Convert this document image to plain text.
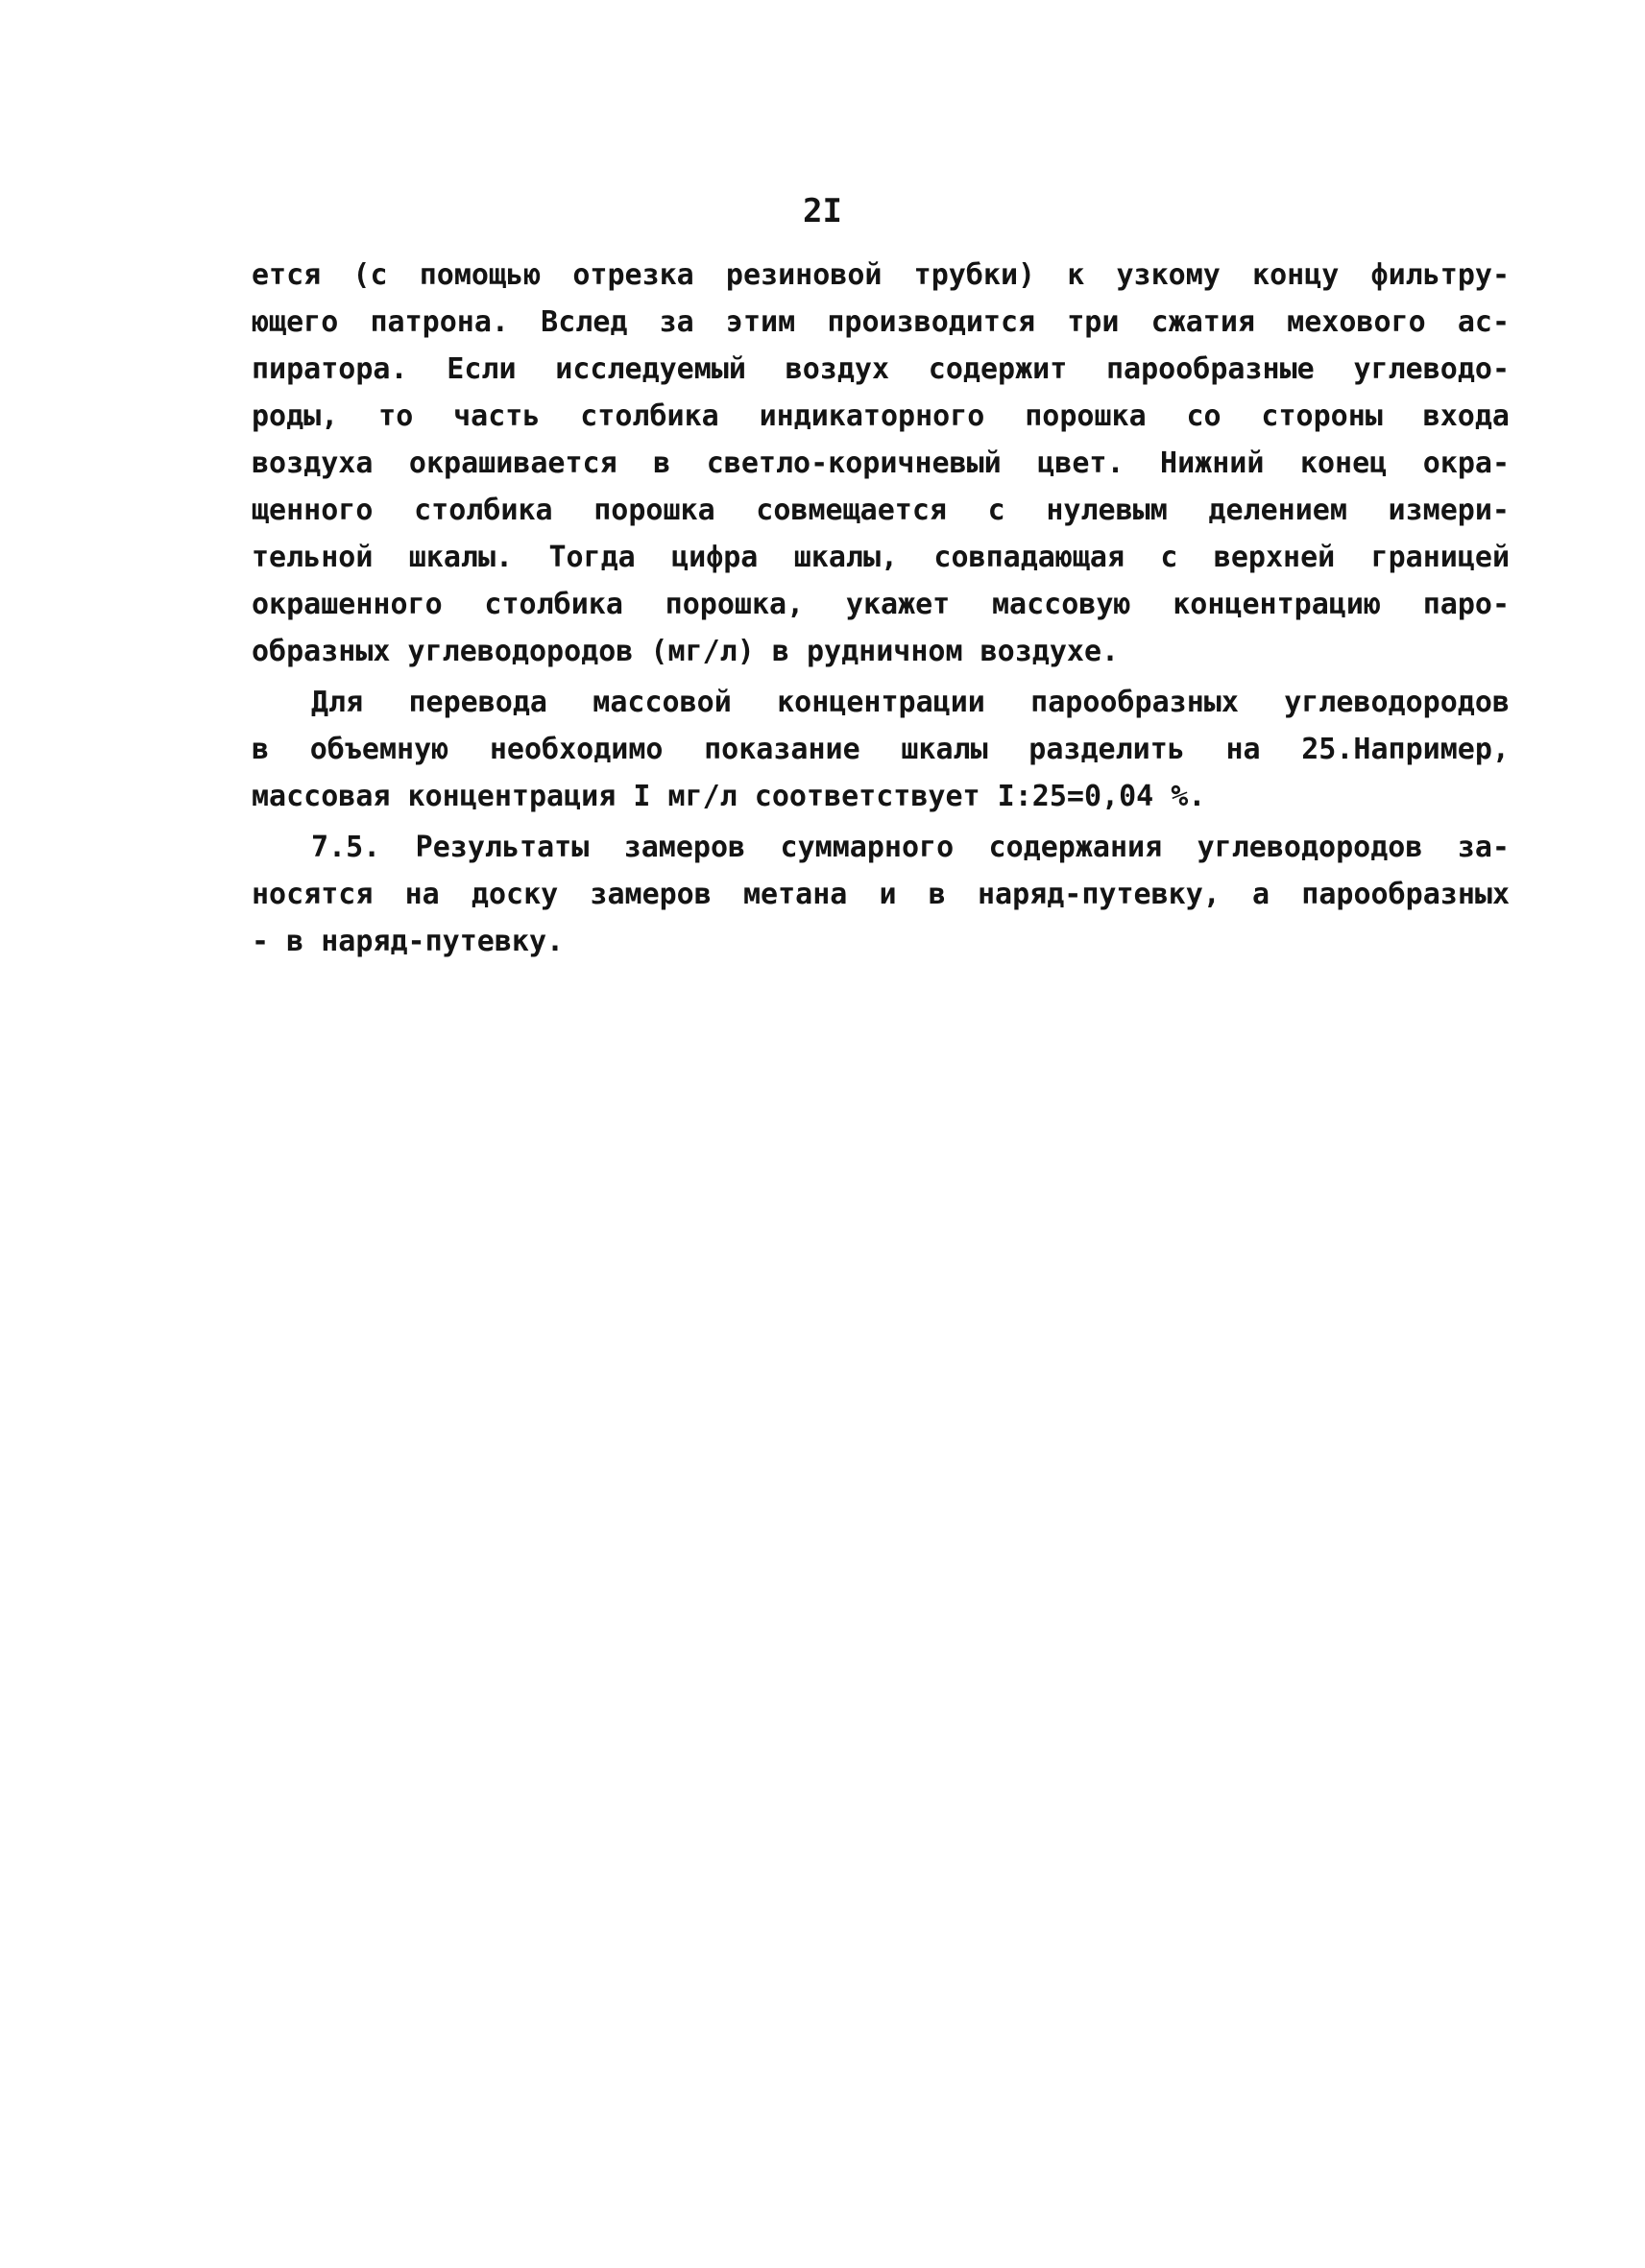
2I
ется (с помощью отрезка резиновой трубки) к узкому концу фильтру-
ющего патрона. Вслед за этим производится три сжатия мехового ас-
пиратора. Если исследуемый воздух содержит парообразные углеводо-
роды, то часть столбика индикаторного порошка со стороны входа
воздуха окрашивается в светло-коричневый цвет. Нижний конец окра-
щенного столбика порошка совмещается с нулевым делением измери-
тельной шкалы. Тогда цифра шкалы, совпадающая с верхней границей
окрашенного столбика порошка, укажет массовую концентрацию паро-
образных углеводородов (мг/л) в рудничном воздухе.
Для перевода массовой концентрации парообразных углеводородов
в объемную необходимо показание шкалы разделить на 25.Например,
массовая концентрация I мг/л соответствует I:25=0,04 %.
7.5. Результаты замеров суммарного содержания углеводородов за-
носятся на доску замеров метана и в наряд-путевку, а парообразных
- в наряд-путевку.
